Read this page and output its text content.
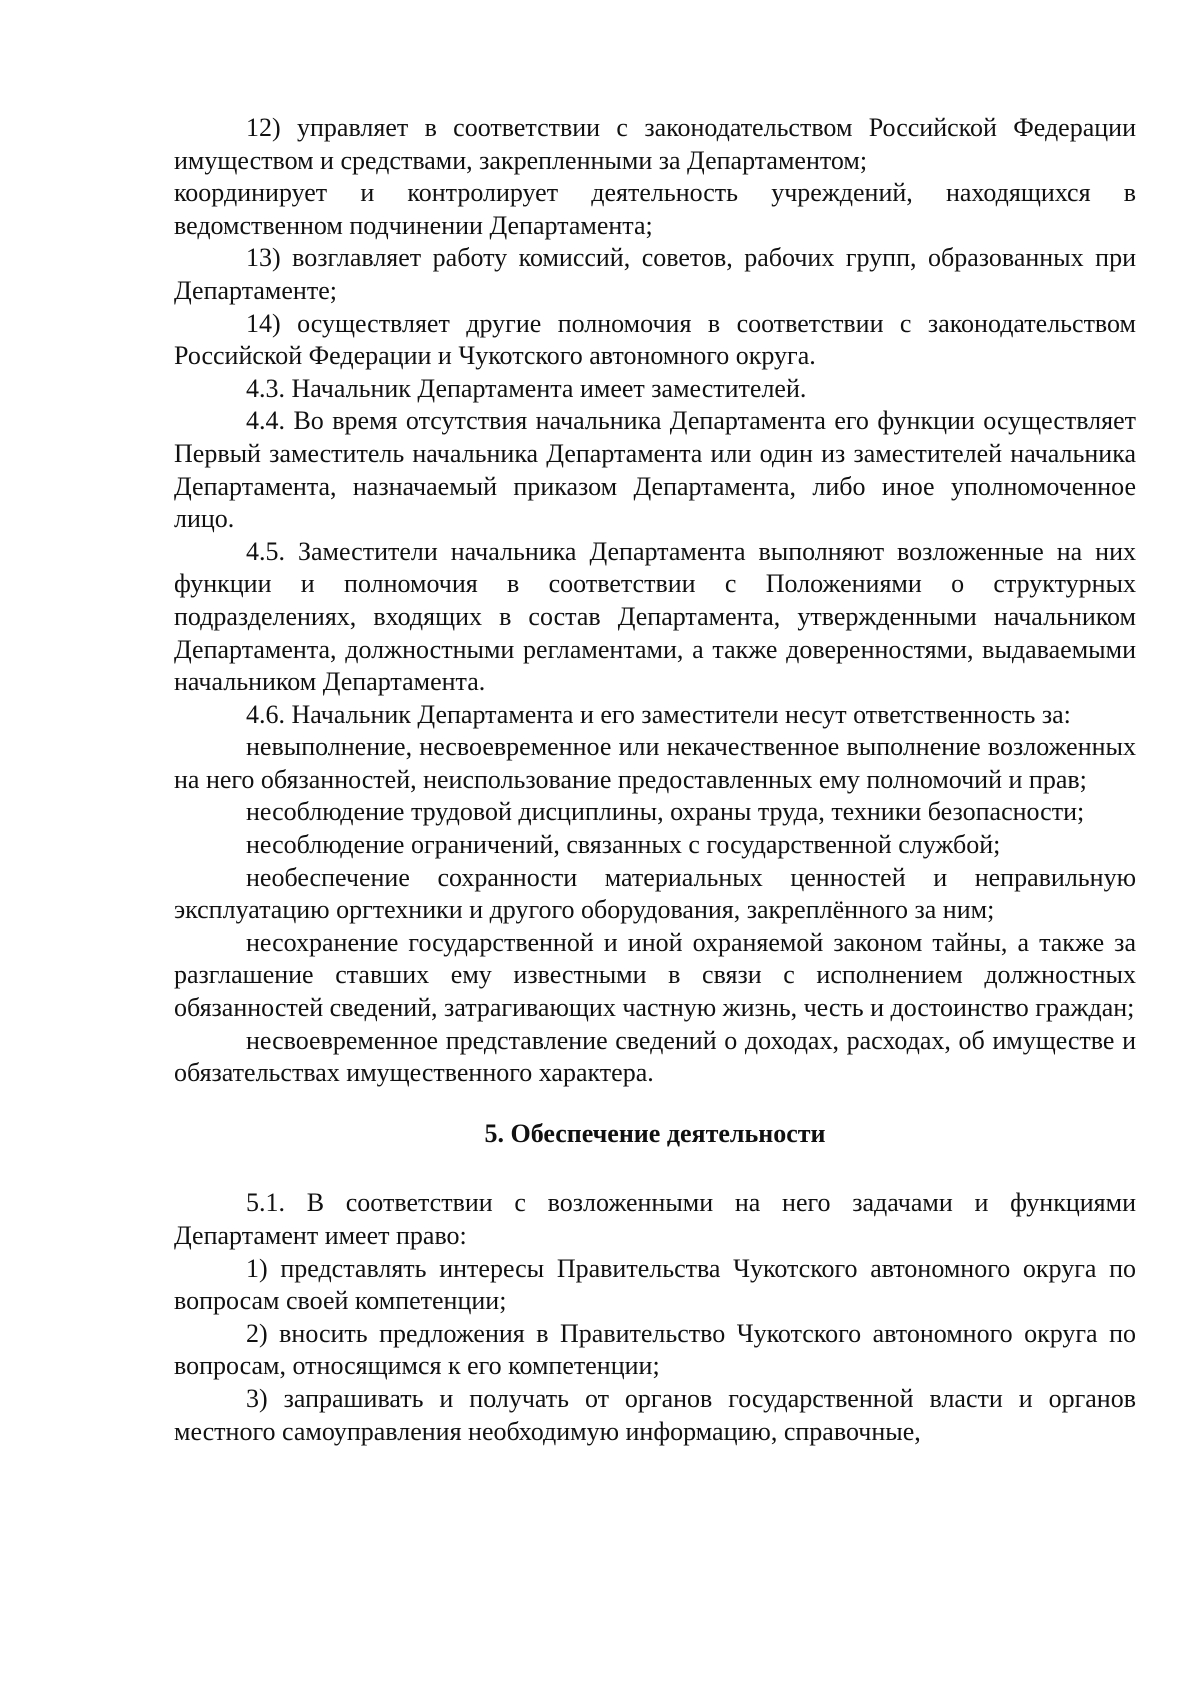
12) управляет в соответствии с законодательством Российской Федерации имуществом и средствами, закрепленными за Департаментом;

координирует и контролирует деятельность учреждений, находящихся в ведомственном подчинении Департамента;

13) возглавляет работу комиссий, советов, рабочих групп, образованных при Департаменте;

14) осуществляет другие полномочия в соответствии с законодательством Российской Федерации и Чукотского автономного округа.

4.3. Начальник Департамента имеет заместителей.

4.4. Во время отсутствия начальника Департамента его функции осуществляет Первый заместитель начальника Департамента или один из заместителей начальника Департамента, назначаемый приказом Департамента, либо иное уполномоченное лицо.

4.5. Заместители начальника Департамента выполняют возложенные на них функции и полномочия в соответствии с Положениями о структурных подразделениях, входящих в состав Департамента, утвержденными начальником Департамента, должностными регламентами, а также доверенностями, выдаваемыми начальником Департамента.

4.6. Начальник Департамента и его заместители несут ответственность за:

невыполнение, несвоевременное или некачественное выполнение возложенных на него обязанностей, неиспользование предоставленных ему полномочий и прав;

несоблюдение трудовой дисциплины, охраны труда, техники безопасности;

несоблюдение ограничений, связанных с государственной службой;

необеспечение сохранности материальных ценностей и неправильную эксплуатацию оргтехники и другого оборудования, закреплённого за ним;

несохранение государственной и иной охраняемой законом тайны, а также за разглашение ставших ему известными в связи с исполнением должностных обязанностей сведений, затрагивающих частную жизнь, честь и достоинство граждан;

несвоевременное представление сведений о доходах, расходах, об имуществе и обязательствах имущественного характера.

5. Обеспечение деятельности

5.1. В соответствии с возложенными на него задачами и функциями Департамент имеет право:

1) представлять интересы Правительства Чукотского автономного округа по вопросам своей компетенции;

2) вносить предложения в Правительство Чукотского автономного округа по вопросам, относящимся к его компетенции;

3) запрашивать и получать от органов государственной власти и органов местного самоуправления необходимую информацию, справочные,
